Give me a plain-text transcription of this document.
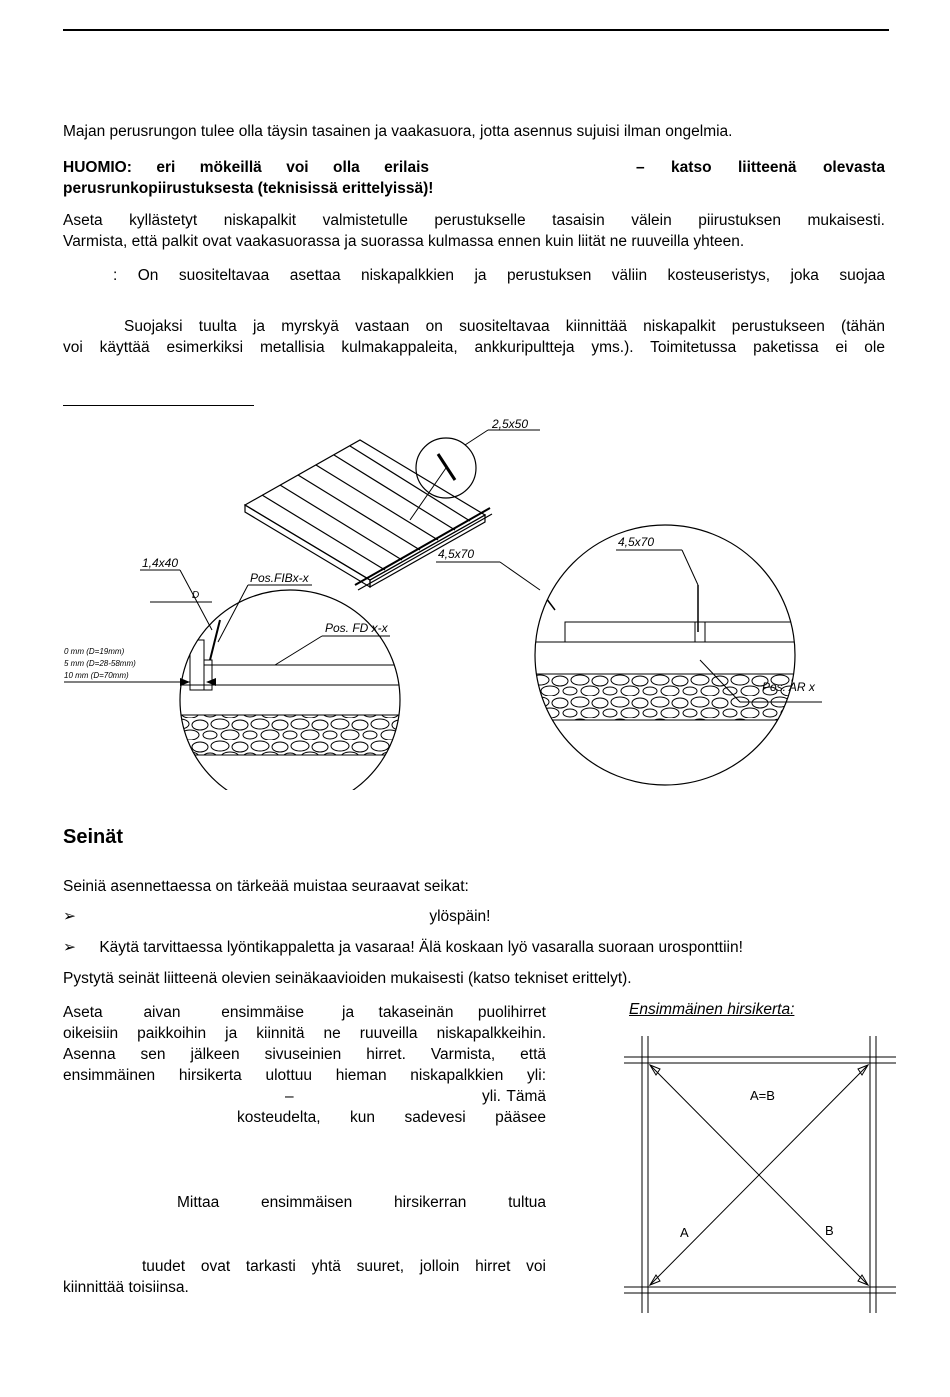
Majan perusrungon tulee olla täysin tasainen ja vaakasuora, jotta asennus sujuisi ilman ongelmia.
HUOMIO: eri mökeillä voi olla erilais	– katso liitteenä olevasta
perusrunkopiirustuksesta (teknisissä erittelyissä)!
Aseta kyllästetyt niskapalkit valmistetulle perustukselle tasaisin välein piirustuksen mukaisesti.
Varmista, että palkit ovat vaakasuorassa ja suorassa kulmassa ennen kuin liität ne ruuveilla yhteen.
: On suositeltavaa asettaa niskapalkkien ja perustuksen väliin kosteuseristys, joka suojaa
Suojaksi tuulta ja myrskyä vastaan on suositeltavaa kiinnittää niskapalkit perustukseen (tähän
voi käyttää esimerkiksi metallisia kulmakappaleita, ankkuripultteja yms.). Toimitetussa paketissa ei ole
2,5x50
1,4x40
Pos.FIBx-x
D
Pos. FD x-x
0 mm (D=19mm)
5 mm (D=28-58mm)
10 mm (D=70mm)
4,5x70
4,5x70
Pos. AR x
Seinät
Seiniä asennettaessa on tärkeää muistaa seuraavat seikat:
➢	ylöspäin!
➢ Käytä tarvittaessa lyöntikappaletta ja vasaraa! Älä koskaan lyö vasaralla suoraan urosponttiin!
Pystytä seinät liitteenä olevien seinäkaavioiden mukaisesti (katso tekniset erittelyt).
Aseta aivan ensimmäise ja takaseinän puolihirret
oikeisiin paikkoihin ja kiinnitä ne ruuveilla niskapalkkeihin.
Asenna sen jälkeen sivuseinien hirret. Varmista, että
ensimmäinen hirsikerta ulottuu hieman niskapalkkien yli:
–	yli. Tämä
kosteudelta, kun sadevesi pääsee
Mittaa ensimmäisen hirsikerran tultua
tuudet ovat tarkasti yhtä suuret, jolloin hirret voi
kiinnittää toisiinsa.
Ensimmäinen hirsikerta:
A=B
A	B
